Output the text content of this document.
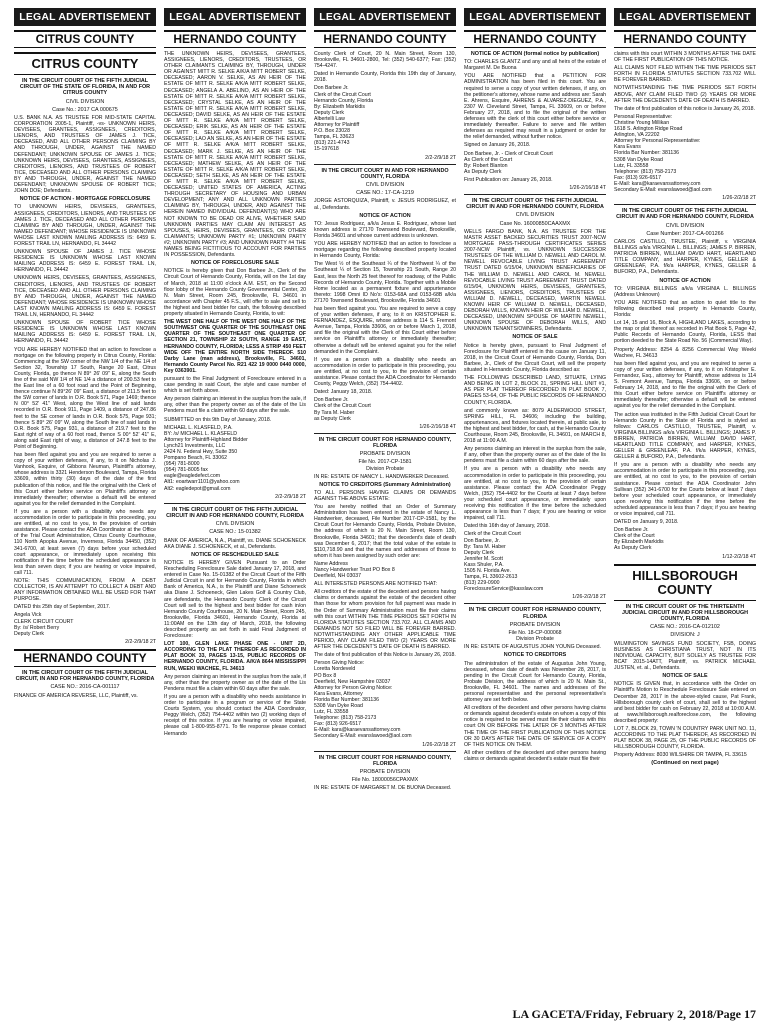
LEGAL ADVERTISEMENT	LEGAL ADVERTISEMENT	LEGAL ADVERTISEMENT	LEGAL ADVERTISEMENT	LEGAL ADVERTISEMENT
CITRUS COUNTY
CITRUS COUNTY
IN THE CIRCUIT COURT OF THE FIFTH JUDICIAL CIRCUIT OF THE STATE OF FLORIDA, IN AND FOR CITRUS COUNTY
CIVIL DIVISION
Case No.: 2017 CA 000675

U.S. BANK N.A. AS TRUSTEE FOR MID-STATE CAPITAL CORPORATION 2005-1, Plaintiff, -vs- UNKNOWN HEIRS, DEVISEES, GRANTEES, ASSIGNEES, CREDITORS, LIENORS, AND TRUSTEES OF JAMES J. TICE, DECEASED, AND ALL OTHER PERSONS CLAIMING BY AND THROUGH, UNDER, AGAINST THE NAMED DEFENDANT; UNKNOWN SPOUSE OF JAMES J. TICE; UNKNOWN HEIRS, DEVISEES, GRANTEES, ASSIGNEES, CREDITORS, LIENORS, AND TRUSTEES OF ROBERT TICE, DECEASED AND ALL OTHER PERSONS CLAIMING BY AND THROUGH, UNDER, AGAINST THE NAMED DEFENDANT; UNKNOWN SPOUSE OF ROBERT TICE; JOHN DOE; Defendants.

NOTICE OF ACTION - MORTGAGE FORECLOSURE

TO UNKNOWN HEIRS, DEVISEES, GRANTEES, ASSIGNEES, CREDITORS, LIENORS, AND TRUSTEES OF JAMES J. TICE, DECEASED AND ALL OTHER PERSONS CLAIMING BY AND THROUGH, UNDER, AGAINST THE NAMED DEFENDANT; WHOSE RESIDENCE IS UNKNOWN WHOSE LAST KNOWN MAILING ADDRESS IS: 6459 E. FOREST TRAIL LN, HERNANDO, FL 34442

UNKNOWN SPOUSE OF JAMES J. TICE WHOSE RESIDENCE IS UNKNOWN WHOSE LAST KNOWN MAILING ADDRESS IS: 6459 E. FOREST TRAIL LN, HERNANDO, FL 34442

UNKNOWN HEIRS, DEVISEES, GRANTEES, ASSIGNEES, CREDITORS, LIENORS, AND TRUSTEES OF ROBERT TICE, DECEASED AND ALL OTHER PERSONS CLAIMING BY AND THROUGH, UNDER, AGAINST THE NAMED DEFENDANT; WHOSE RESIDENCE IS UNKNOWN WHOSE LAST KNOWN MAILING ADDRESS IS: 6459 E. FOREST TRAIL LN, HERNANDO, FL 34442

UNKNOWN SPOUSE OF ROBERT TICE WHOSE RESIDENCE IS UNKNOWN WHOSE LAST KNOWN MAILING ADDRESS IS: 6459 E. FOREST TRAIL LN, HERNANDO, FL 34442

YOU ARE HEREBY NOTIFIED that an action to foreclose a mortgage on the following property in Citrus County, Florida: Commencing at the SW corner of the NW 1/4 of the NE 1/4 of Section 32, Township 17 South, Range 20 East, Citrus County, Florida, go thence N 89° 26' 09" E, along the South line of the said NW 1/4 of NE 1/4 a distance of 200.53 feet to the East line of a 60 foot road and the Point of Beginning, thence continue N 89°26' 09" East, a distance of 211.5 feet to the SW corner of lands in O.R. Book 571, Page 1469; thence N 00° 52' 41" West, along the West line of said lands recorded in O.R. Book 911, Page 1409, a distance of 247.86 feet to the SE corner of lands in O.R. Book 575, Page 931; thence S 89° 26' 09" W, along the South line of said lands in O.R. Book 575, Page 931, a distance of 219.7 feet to the East right of way of a 60 foot road, thence S 00° 52' 41" E, along said East right of way, a distance of 247.8 feet to the Point of Beginning.

has been filed against you and you are required to serve a copy of your written defenses, if any, to it on Nicholas J. Vanhook, Esquire, of Gibbons Neuman, Plaintiff's attorney, whose address is 3321 Henderson Boulevard, Tampa, Florida 33609, within thirty (30) days of the date of the first publication of this notice, and file the original with the Clerk of this Court either before service on Plaintiff's attorney or immediately thereafter; otherwise a default will be entered against you for the relief demanded in the Complaint.

If you are a person with a disability who needs any accommodation in order to participate in this proceeding, you are entitled, at no cost to you, to the provision of certain assistance. Please contact the ADA Coordinator at the Office of the Trial Court Administration, Citrus County Courthouse, 110 North Apopka Avenue, Inverness, Florida 34450, (352) 341-6700, at least seven (7) days before your scheduled court appearance, or immediately upon receiving this notification if the time before the scheduled appearance is less than seven days; if you are hearing or voice impaired, call 711.

NOTE: THIS COMMUNICATION, FROM A DEBT COLLECTOR, IS AN ATTEMPT TO COLLECT A DEBT AND ANY INFORMATION OBTAINED WILL BE USED FOR THAT PURPOSE.

DATED this 25th day of September, 2017.

Angela Vick
CLERK CIRCUIT COURT
By: /s/ Robert Berry
Deputy Clerk
2/2-2/9/18 2T
HERNANDO COUNTY
IN THE CIRCUIT COURT OF THE FIFTH JUDICIAL CIRCUIT, IN AND FOR HERNANDO COUNTY, FLORIDA
CASE NO.: 2016-CA-001117

FINANCE OF AMERICA REVERSE, LLC, Plaintiff, vs.

HERNANDO COUNTY

THE UNKNOWN HEIRS, DEVISEES, GRANTEES, ASSIGNEES, LIENORS, CREDITORS, TRUSTEES, OR OTHER CLAIMANTS CLAIMING BY, THROUGH, UNDER OR AGAINST MITT R. SELKE A/K/A MITT ROBERT SELKE, DECEASED; AARON V. SELKE, AS AN HEIR OF THE ESTATE OF MITT R. SELKE A/K/A MITT ROBERT SELKE, DECEASED; ANGELA A. ABELINO, AS AN HEIR OF THE ESTATE OF MITT R. SELKE A/K/A MITT ROBERT SELKE, DECEASED; CRYSTAL SELKE, AS AN HEIR OF THE ESTATE OF MITT R. SELKE A/K/A MITT ROBERT SELKE, DECEASED; DAVID SELKE, AS AN HEIR OF THE ESTATE OF MITT R. SELKE A/K/A MITT ROBERT SELKE, DECEASED; ERIK SELKE, AS AN HEIR OF THE ESTATE OF MITT R. SELKE A/K/A MITT ROBERT SELKE, DECEASED; LAO AN SELKE, AS AN HEIR OF THE ESTATE OF MITT R. SELKE A/K/A MITT ROBERT SELKE, DECEASED; MARK J. SELKE, AS AN HEIR OF THE ESTATE OF MITT R. SELKE A/K/A MITT ROBERT SELKE, DECEASED; MATHEW SELKE, AS AN HEIR OF THE ESTATE OF MITT R. SELKE A/K/A MITT ROBERT SELKE, DECEASED; SETH SELKE, AS AN HEIR OF THE ESTATE OF MITT R. SELKE A/K/A MITT ROBERT SELKE, DECEASED; UNITED STATES OF AMERICA, ACTING THROUGH SECRETARY OF HOUSING AND URBAN DEVELOPMENT; ANY AND ALL UNKNOWN PARTIES CLAIMING BY, THROUGH, UNDER, AND AGAINST THE HEREIN NAMED INDIVIDUAL DEFENDANT(S) WHO ARE NOT KNOWN TO BE DEAD OR ALIVE, WHETHER SAID UNKNOWN PARTIES MAY CLAIM AN INTEREST AS SPOUSES, HEIRS, DEVISEES, GRANTEES, OR OTHER CLAIMANTS; UNKNOWN PARTY #1; UNKNOWN PARTY #2; UNKNOWN PARTY #3; AND UNKNOWN PARTY #4 THE NAMES BEING FICTITIOUS TO ACCOUNT FOR PARTIES IN POSSESSION, Defendants.

NOTICE OF FORECLOSURE SALE

NOTICE is hereby given that Don Barbee Jr., Clerk of the Circuit Court of Hernando County, Florida, will on the 1st day of March, 2018 at 11:00 o'clock A.M. EST, on the Second floor lobby of the Hernando County Governmental Center, 20 N. Main Street, Room 245, Brooksville, FL 34601 in accordance with Chapter 45 F.S., will offer to sale and sell to the highest and best bidder for cash, the following described property situated in Hernando County, Florida, to wit:

THE WEST ONE HALF OF THE WEST ONE HALF OF THE SOUTHWEST ONE QUARTER OF THE SOUTHEAST ONE QUARTER OF THE SOUTHEAST ONE QUARTER OF SECTION 21, TOWNSHIP 22 SOUTH, RANGE 19 EAST, HERNANDO COUNTY, FLORIDA; LESS A STRIP 450 FEET WIDE OFF THE ENTIRE NORTH SIDE THEREOF. 510 Darby Lane (man address), Brooksville, FL 34601, Hernando County Parcel No. R21 422 19 0000 0440 0000, Key 0363901.

pursuant to the Final Judgment of Foreclosure entered in a case pending in said Court, the style and case number of which is set forth above.

Any person claiming an interest in the surplus from the sale, if any, other than the property owner as of the date of the Lis Pendens must file a claim within 60 days after the sale.

SUBMITTED on this 9th Day of January, 2018.

MICHAEL L. KLASFELD, P.A.
BY: /s/ MICHAEL L. KLASFELD
Attorney for Plaintiff-Highland Bidder
Lynch21 Investments, LLC
2424 N. Federal Hwy, Suite 350
Pompano Beach, FL 33062
(954) 781-8000
(954) 781-8005 fax
eagle@eagledefect.com
Alt1: eoartwarr1101@yahoo.com
Alt2: eagledepot@gmail.com
2/2-2/9/18 2T
IN THE CIRCUIT COURT OF THE FIFTH JUDICIAL CIRCUIT IN AND FOR HERNANDO COUNTY, FLORIDA
CIVIL DIVISION
CASE NO.: 15-01382

BANK OF AMERICA, N.A., Plaintiff, vs. DIANE SCHOENECK AKA DIANE J. SCHOENECK, et al., Defendants.

NOTICE OF RESCHEDULED SALE

NOTICE IS HEREBY GIVEN Pursuant to an Order Rescheduling Foreclosure Sale dated January 17, 2018, and entered in Case No. 15-01382 of the Circuit Court of the Fifth Judicial Circuit in and for Hernando County, Florida in which Bank of America, N.A., is the Plaintiff and Diane Schoeneck aka Diane J. Schoeneck, Glen Lakes Golf & Country Club, are defendants, the Hernando County Clerk of the Circuit Court will sell to the highest and best bidder for cash in/on Hernando County Courthouse, 20 N. Main Street, Room 245, Brooksville, Florida 34601, Hernando County, Florida at 11:00AM on the 13th day of March, 2018, the following described property as set forth in said Final Judgment of Foreclosure:

LOT 100, GLEN LAKE PHASE ONE - UNIT 2D, ACCORDING TO THE PLAT THEREOF AS RECORDED IN PLAT BOOK 33, PAGES 13-15, PUBLIC RECORDS OF HERNANDO COUNTY, FLORIDA. A/K/A 8644 MISSISSIPPI RUN, WEEKI WACHEE, FL 34613

Any person claiming an interest in the surplus from the sale, if any, other than the property owner as of the date of the Lis Pendens must file a claim within 60 days after the sale.

If you are a person with a disability who needs assistance in order to participate in a program or service of the State Courts System, you should contact the ADA Coordinator, Peggy Welch, (352) 754-4402 within two (2) working days of receipt of this notice. If you are hearing or voice impaired, please call 1-800-955-8771. To file response please contact Hernando

HERNANDO COUNTY

County Clerk of Court, 20 N. Main Street, Room 130, Brooksville, FL 34601-2800, Tel: (352) 540-6377; Fax: (352) 754-4247.

Dated in Hernando County, Florida this 19th day of January, 2018.

Don Barbee Jr.
Clerk of the Circuit Court
Hernando County, Florida
By: Elizabeth Markidis
Deputy Clerk
Albertelli Law
Attorney for Plaintiff
P.O. Box 23028
Tampa, FL 33623
(813) 221-4743
15-197618
2/2-2/9/18 2T
IN THE CIRCUIT COURT IN AND FOR HERNANDO COUNTY, FLORIDA
CIVIL DIVISION
CASE NO.: 17-CA-1219

JORGE ASTORQUIZA, Plaintiff, v. JESUS RODRIGUEZ, et al., Defendants.

NOTICE OF ACTION

TO: Jesus Rodriguez, a/k/a Jesus E. Rodriguez, whose last known address is 27170 Townsend Boulevard, Brooksville, Florida 34601 and whose current address is unknown.

YOU ARE HEREBY NOTIFIED that an action to foreclose a mortgage regarding the following described property located in Hernando County, Florida:

The West ½ of the Southeast ¼ of the Northwest ¼ of the Southeast ¼ of Section 15, Township 21 South, Range 20 East, less the North 25 feet thereof for roadway, of the Public Records of Hernando County, Florida. Together with a Mobile Home located as a permanent fixture and appurtenance thereto: 1998 Omni ID No's: 0153-68A and 0153-68B a/k/a 27170 Townsend Boulevard, Brooksville, Florida 34601

has been filed against you. You are required to serve a copy of your written defenses, if any, to it on KRISTOPHER E. FERNANDEZ, ESQUIRE, whose address is 114 S. Fremont Avenue, Tampa, Florida 33606, on or before March 1, 2018, and file the original with the Clerk of this Court either before service on Plaintiff's attorney or immediately thereafter; otherwise a default will be entered against you for the relief demanded in the Complaint.

If you are a person with a disability who needs an accommodation in order to participate in this proceeding, you are entitled, at no cost to you, to the provision of certain assistance. Please contact the ADA Coordinator for Hernando County, Peggy Welch, (352) 754-4402.

Dated: January 18, 2018.

Don Barbee Jr.
Clerk of the Circuit Court
By Tara M. Haber
as Deputy Clerk
1/26-2/16/18 4T
IN THE CIRCUIT COURT FOR HERNANDO COUNTY, FLORIDA
PROBATE DIVISION
File No. 2017-CP-1581
Division Probate

IN RE: ESTATE OF NANCY L. HANDWERKER Deceased.

NOTICE TO CREDITORS (Summary Administration)

TO ALL PERSONS HAVING CLAIMS OR DEMANDS AGAINST THE ABOVE ESTATE:

You are hereby notified that an Order of Summary Administration has been entered in the estate of Nancy L. Handwerker, deceased, File Number 2017-CP-1581, by the Circuit Court for Hernando County, Florida, Probate Division, the address of which is 20 N. Main Street, Room 130, Brooksville, Florida 34601; that the decedent's date of death was December 6, 2017; that the total value of the estate is $110,718.90 and that the names and addresses of those to whom it has been assigned by such order are:

Name Address
Nancy Handwerker Trust PO Box 8
Deerfield, NH 03037

ALL INTERESTED PERSONS ARE NOTIFIED THAT:

All creditors of the estate of the decedent and persons having claims or demands against the estate of the decedent other than those for whom provision for full payment was made in the Order of Summary Administration must file their claims with this court WITHIN THE TIME PERIODS SET FORTH IN FLORIDA STATUTES SECTION 733.702. ALL CLAIMS AND DEMANDS NOT SO FILED WILL BE FOREVER BARRED. NOTWITHSTANDING ANY OTHER APPLICABLE TIME PERIOD, ANY CLAIM FILED TWO (2) YEARS OR MORE AFTER THE DECEDENT'S DATE OF DEATH IS BARRED.

The date of first publication of this Notice is January 26, 2018.

Person Giving Notice:
Loretta Nordeveld
PO Box 8
Deerfield, New Hampshire 03037
Attorney for Person Giving Notice:
Kara Evans, Attorney
Florida Bar Number: 381136
5308 Van Dyke Road
Lutz, FL 33558
Telephone: (813) 758-2173
Fax: (813) 926-6517
E-Mail: kara@karaevansattorney.com
Secondary E-Mail: evanslawoed@aol.com
1/26-2/2/18 2T
IN THE CIRCUIT COURT FOR HERNANDO COUNTY, FLORIDA
PROBATE DIVISION
File No. 18000056CPAXMX

IN RE: ESTATE OF MARGARET M. DE BUONA Deceased.

HERNANDO COUNTY
NOTICE OF ACTION (formal notice by publication)

TO: CHARLES GLANTZ and any and all heirs of the estate of Margaret M. De Buona

YOU ARE NOTIFIED that a PETITION FOR ADMINISTRATION has been filed in this court. You are required to serve a copy of your written defenses, if any, on the petitioner's attorney, whose name and address are: Sarah E. Ahrens, Esquire, AHRENS & ALVAREZ-DIEGUEZ, P.A., 2307 W. Cleveland Street, Tampa, FL 33609, on or before February 27, 2018, and to file the original of the written defenses with the clerk of this court either before service or immediately thereafter. Failure to serve and file written defenses as required may result in a judgment or order for the relief demanded, without further notice.

Signed on January 26, 2018.

Don Barbee, Jr. - Clerk of Circuit Court
As Clerk of the Court
By: Robert Blanton
As Deputy Clerk

First Publication on: January 26, 2018.

1/26-2/16/18 4T
IN THE CIRCUIT COURT OF THE FIFTH JUDICIAL CIRCUIT IN AND FOR HERNANDO COUNTY, FLORIDA
CIVIL DIVISION
Case No. 16000850CAAXMX

WELLS FARGO BANK, N.A. AS TRUSTEE FOR THE MASTR ASSET BACKED SECURITIES TRUST 2007-NCW MORTGAGE PASS-THROUGH CERTIFICATES SERIES 2007-NCW Plaintiff, vs. UNKNOWN SUCCESSOR TRUSTEES OF THE WILLIAM D. NEWELL AND CAROL M. NEWELL REVOCABLE LIVING TRUST AGREEMENT TRUST DATED 6/15/04, UNKNOWN BENEFICIARIES OF THE WILLIAM D. NEWELL AND CAROL M. NEWELL REVOCABLE LIVING TRUST AGREEMENT TRUST DATED 6/15/04, UNKNOWN HEIRS, DEVISEES, GRANTEES, ASSIGNEES, LIENORS, CREDITORS, TRUSTEES OF WILLIAM D. NEWELL, DECEASED, MARTIN NEWELL KNOWN HEIR OF WILLIAM D. NEWELL, DECEASED, DEBORAH WILLS, KNOWN HEIR OF WILLIAM D. NEWELL, DECEASED, UNKNOWN SPOUSE OF MARTIN NEWELL, UNKNOWN SPOUSE OF DEBORAH WILLS, AND UNKNOWN TENANTS/OWNERS, Defendants.

NOTICE OF SALE

Notice is hereby given, pursuant to Final Judgment of Foreclosure for Plaintiff entered in this cause on January 11, 2018, in the Circuit Court of Hernando County, Florida, Don Barbee, Jr., Clerk of the Circuit Court, will sell the property situated in Hernando County, Florida described as:

THE FOLLOWING DESCRIBED LAND, SITUATE, LYING AND BEING IN LOT 2, BLOCK 21, SPRING HILL UNIT #1, AS PER PLAT THEREOF RECORDED IN PLAT BOOK 7, PAGES 53-64, OF THE PUBLIC RECORDS OF HERNANDO COUNTY, FLORIDA.

and commonly known as: 8079 ALDERWOOD STREET, SPRING HILL, FL 34606; including the building, appurtenances, and fixtures located therein, at public sale, to the highest and best bidder, for cash, at the Hernando County Courthouse, Room 245, Brooksville, FL 34601, on MARCH 8, 2018 at 11:00 A.M.

Any persons claiming an interest in the surplus from the sale, if any, other than the property owner as of the date of the lis pendens must file a claim within 60 days after the sale.

If you are a person with a disability who needs any accommodation in order to participate in this proceeding, you are entitled, at no cost to you, to the provision of certain assistance. Please contact the ADA Coordinator Peggy Welch, (352) 754-4402 for the Courts at least 7 days before your scheduled court appearance, or immediately upon receiving this notification if the time before the scheduled appearance is less than 7 days; if you are hearing or voice impaired, call 711.

Dated this 16th day of January, 2018.

Clerk of the Circuit Court
Don Barbee, Jr.
By: Tara M. Haber
Deputy Clerk
Jennifer M. Scott
Kass Shuler, P.A.
1505 N. Florida Ave.
Tampa, FL 33602-2613
(813) 229-0900
ForeclosureService@kasslaw.com
1/26-2/2/18 2T
IN THE CIRCUIT COURT FOR HERNANDO COUNTY, FLORIDA
PROBATE DIVISION
File No. 18-CP-000068
Division Probate

IN RE: ESTATE OF AUGUSTUS JOHN YOUNG Deceased.

NOTICE TO CREDITORS

The administration of the estate of Augustus John Young, deceased, whose date of death was November 28, 2017, is pending in the Circuit Court for Hernando County, Florida, Probate Division, the address of which is 20 N. Main St., Brooksville, FL 34601. The names and addresses of the personal representative and the personal representative's attorney are set forth below.

All creditors of the decedent and other persons having claims or demands against decedent's estate on whom a copy of this notice is required to be served must file their claims with this court ON OR BEFORE THE LATER OF 3 MONTHS AFTER THE TIME OF THE FIRST PUBLICATION OF THIS NOTICE OR 30 DAYS AFTER THE DATE OF SERVICE OF A COPY OF THIS NOTICE ON THEM.

All other creditors of the decedent and other persons having claims or demands against decedent's estate must file their

HERNANDO COUNTY

claims with this court WITHIN 3 MONTHS AFTER THE DATE OF THE FIRST PUBLICATION OF THIS NOTICE.

ALL CLAIMS NOT FILED WITHIN THE TIME PERIODS SET FORTH IN FLORIDA STATUTES SECTION 733.702 WILL BE FOREVER BARRED.

NOTWITHSTANDING THE TIME PERIODS SET FORTH ABOVE, ANY CLAIM FILED TWO (2) YEARS OR MORE AFTER THE DECEDENT'S DATE OF DEATH IS BARRED.

The date of first publication of this notice is January 26, 2018.

Personal Representative:
Christine Young Millikan
1618 S. Arlington Ridge Road
Arlington, VA 22202
Attorney for Personal Representative:
Kara Evans
Florida Bar Number: 381136
5308 Van Dyke Road
Lutz, FL 33558
Telephone: (813) 758-2173
Fax: (813) 926-6517
E-Mail: kara@karaevansattorney.com
Secondary E-Mail: evanslawoed@aol.com
1/26-2/2/18 2T
IN THE CIRCUIT COURT OF THE FIFTH JUDICIAL CIRCUIT IN AND FOR HERNANDO COUNTY, FLORIDA
CIVIL DIVISION
Case Number: 2017-CA-001266

CARLOS CASTILLO, TRUSTEE, Plaintiff, v. VIRGINIA BILLINGS a/k/a VIRGINIA L. BILLINGS; JAMES P. BIRREN, PATRICIA BIRREN, WILLIAM DAVID HART, HEARTLAND TITLE COMPANY, and HARPER, KYNES, GELLER & GREENLEAF, P.A. f/k/a HARPER, KYNES, GELLER & BUFORD, P.A., Defendants.

NOTICE OF ACTION

TO: VIRGINIA BILLINGS a/k/a VIRGINIA L. BILLINGS (Address Unknown)

YOU ARE NOTIFIED that an action to quiet title to the following described real property in Hernando County, Florida:

Lot 14, 15 and 16, Block A, HIGHLAND LAKES, according to the map or plat thereof as recorded in Plat Book 5, Page 42, Public Records of Hernando County, Florida, LESS that portion deeded to the State Road No. 56 (Commercial Way).

Property Address: 8254 & 8256 Commercial Way Weeki Wachee, FL 34613

has been filed against you, and you are required to serve a copy of your written defenses, if any, to it on Kristopher E. Fernandez, Esq., attorney for Plaintiff, whose address is 114 S. Fremont Avenue, Tampa, Florida 33606, on or before February 14, 2018, and to file the original with the Clerk of this Court either before service on Plaintiff's attorney or immediately thereafter; otherwise a default will be entered against you for the relief demanded in the Complaint.

The action was instituted in the Fifth Judicial Circuit Court for Hernando County in the State of Florida and is styled as follows: CARLOS CASTILLO, TRUSTEE, Plaintiff, v. VIRGINIA BILLINGS a/k/a VIRGINIA L. BILLINGS; JAMES P. BIRREN, PATRICIA BIRREN, WILLIAM DAVID HART, HEARTLAND TITLE COMPANY, and HARPER, KYNES, GELLER & GREENLEAF, P.A. f/k/a HARPER, KYNES, GELLER & BUFORD, P.A., Defendants.

If you are a person with a disability who needs any accommodation in order to participate in this proceeding, you are entitled, at no cost to you, to the provision of certain assistance. Please contact the ADA Coordinator John Sullivan (352) 341-6700 for the Courts below at least 7 days before your scheduled court appearance, or immediately upon receiving this notification if the time before the scheduled appearance is less than 7 days; if you are hearing or voice impaired, call 711.

DATED on January 9, 2018.

Don Barbee Jr.
Clerk of the Court
By Elizabeth Markidis
As Deputy Clerk
1/12-2/2/18 4T
HILLSBOROUGH COUNTY
IN THE CIRCUIT COURT OF THE THIRTEENTH JUDICIAL CIRCUIT IN AND FOR HILLSBOROUGH COUNTY, FLORIDA
CASE NO.: 2016-CA-012102
DIVISION: J

WILMINGTON SAVINGS FUND SOCIETY, FSB, DOING BUSINESS AS CHRISTIANA TRUST, NOT IN ITS INDIVIDUAL CAPACITY, BUT SOLELY AS TRUSTEE FOR BCAT 2015-14ATT, Plaintiff, vs. PATRICK MICHAEL JUSTEN, et. al., Defendants.

NOTICE OF SALE

NOTICE IS GIVEN that, in accordance with the Order on Plaintiff's Motion to Reschedule Foreclosure Sale entered on December 28, 2017 in the above-styled cause, Pat Frank, Hillsborough county clerk of court, shall sell to the highest and best bidder for cash on February 22, 2018 at 10:00 A.M. at www.hillsborough.realforeclose.com, the following described property:

LOT 7, BLOCK 29, TOWN 'N COUNTRY PARK UNIT NO. 11, ACCORDING TO THE PLAT THEREOF, AS RECORDED IN PLAT BOOK 38, PAGE 25, OF THE PUBLIC RECORDS OF HILLSBOROUGH COUNTY, FLORIDA.

Property Address: 8030 WILSHIRE DR TAMPA, FL 33615

(Continued on next page)
LA GACETA/Friday, February 2, 2018/Page 17
